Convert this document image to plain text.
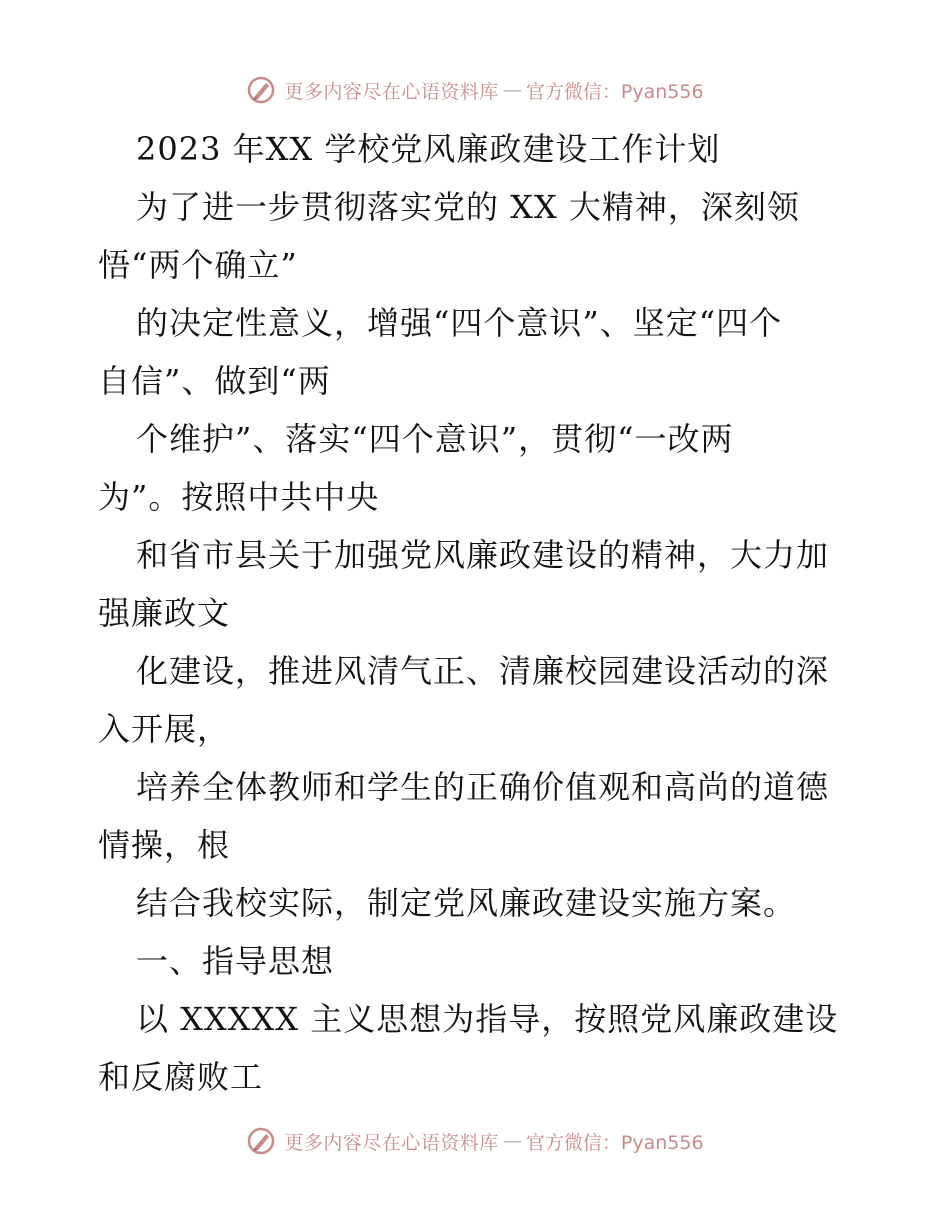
更多内容尽在心语资料库 — 官方微信：Pyan556
2023 年XX 学校党风廉政建设工作计划
为了进一步贯彻落实党的 XX 大精神，深刻领
悟“两个确立”
的决定性意义，增强“四个意识”、坚定“四个
自信”、做到“两
个维护”、落实“四个意识”，贯彻“一改两
为”。按照中共中央
和省市县关于加强党风廉政建设的精神，大力加
强廉政文
化建设，推进风清气正、清廉校园建设活动的深
入开展，
培养全体教师和学生的正确价值观和高尚的道德
情操，根
结合我校实际，制定党风廉政建设实施方案。
一、指导思想
以 XXXXX 主义思想为指导，按照党风廉政建设
和反腐败工
更多内容尽在心语资料库 — 官方微信：Pyan556
